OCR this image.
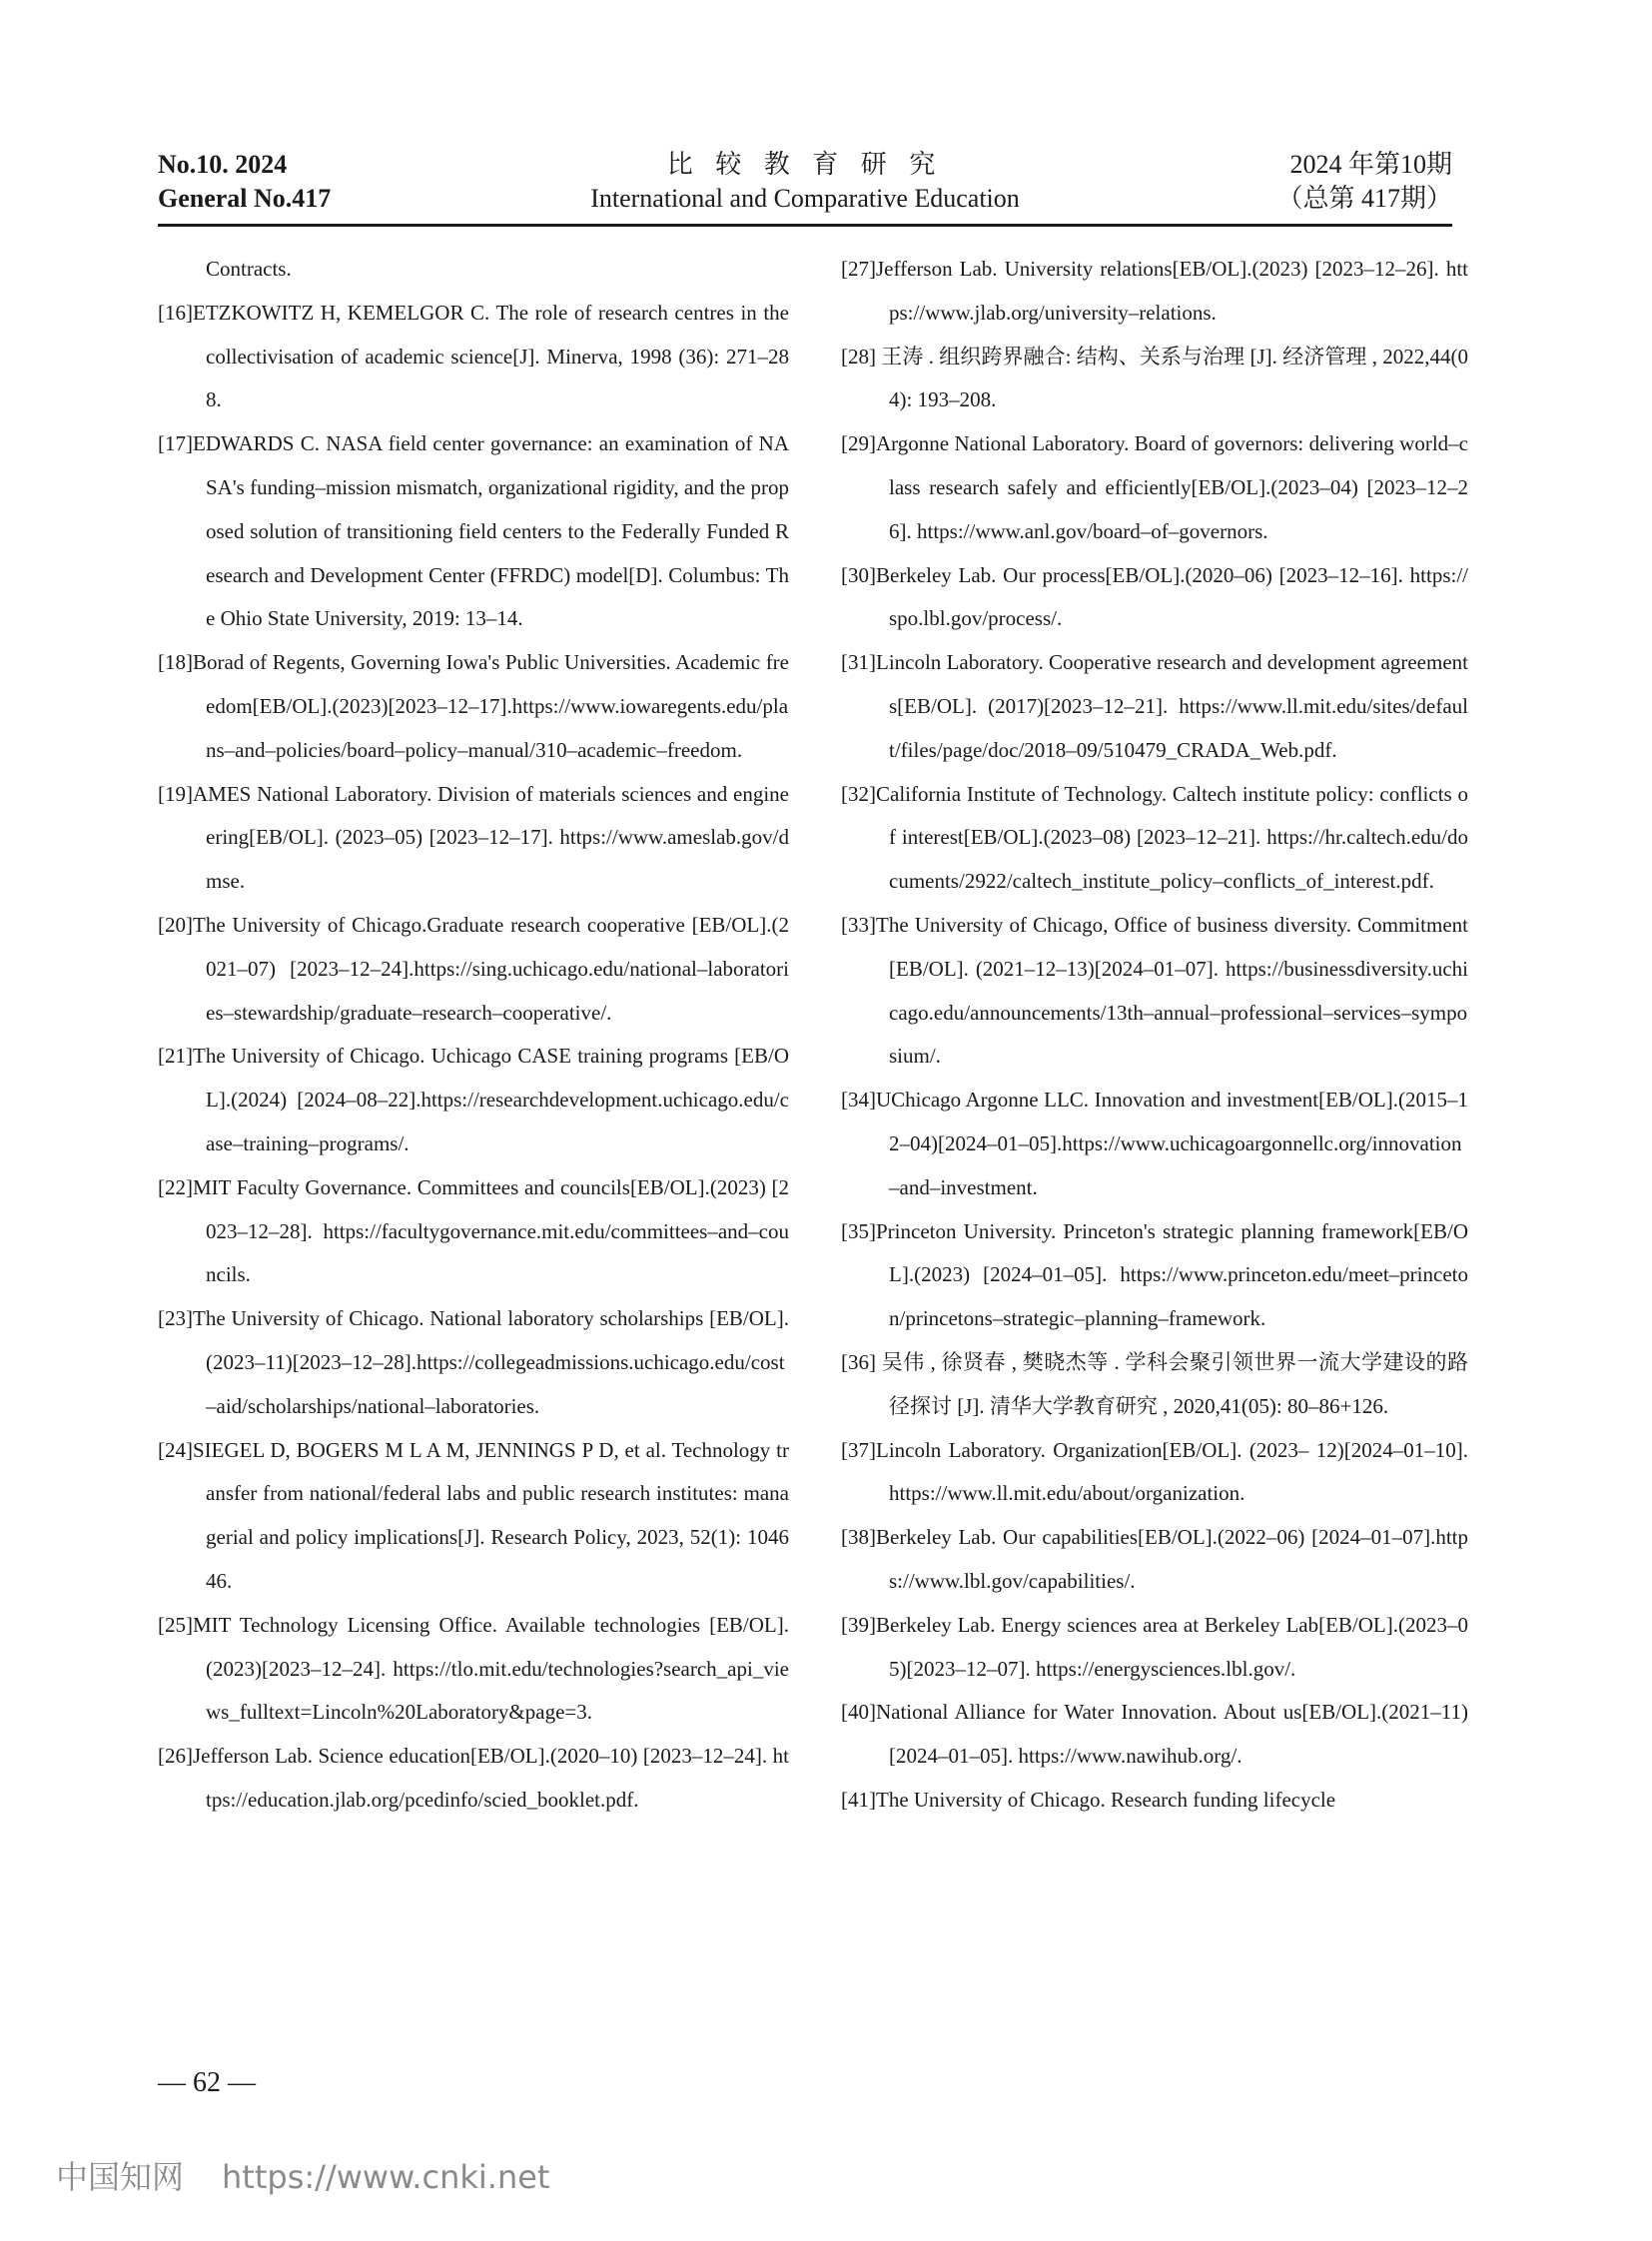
No.10. 2024
General No.417
比 较 教 育 研 究
International and Comparative Education
2024 年第10期
（总第 417期）

Contracts.

[16]ETZKOWITZ H, KEMELGOR C. The role of research centres in the collectivisation of academic science[J]. Minerva, 1998 (36): 271–288.

[17]EDWARDS C. NASA field center governance: an examination of NASA's funding–mission mismatch, organizational rigidity, and the proposed solution of transitioning field centers to the Federally Funded Research and Development Center (FFRDC) model[D]. Columbus: The Ohio State University, 2019: 13–14.

[18]Borad of Regents, Governing Iowa's Public Universities. Academic freedom[EB/OL].(2023)[2023–12–17].https://www.iowaregents.edu/plans–and–policies/board–policy–manual/310–academic–freedom.

[19]AMES National Laboratory. Division of materials sciences and engineering[EB/OL]. (2023–05) [2023–12–17]. https://www.ameslab.gov/dmse.

[20]The University of Chicago.Graduate research cooperative [EB/OL].(2021–07) [2023–12–24].https://sing.uchicago.edu/national–laboratories–stewardship/graduate–research–cooperative/.

[21]The University of Chicago. Uchicago CASE training programs [EB/OL].(2024) [2024–08–22].https://researchdevelopment.uchicago.edu/case–training–programs/.

[22]MIT Faculty Governance. Committees and councils[EB/OL].(2023) [2023–12–28]. https://facultygovernance.mit.edu/committees–and–councils.

[23]The University of Chicago. National laboratory scholarships [EB/OL].(2023–11)[2023–12–28].https://collegeadmissions.uchicago.edu/cost–aid/scholarships/national–laboratories.

[24]SIEGEL D, BOGERS M L A M, JENNINGS P D, et al. Technology transfer from national/federal labs and public research institutes: managerial and policy implications[J]. Research Policy, 2023, 52(1): 104646.

[25]MIT Technology Licensing Office. Available technologies [EB/OL]. (2023)[2023–12–24]. https://tlo.mit.edu/technologies?search_api_views_fulltext=Lincoln%20Laboratory&page=3.

[26]Jefferson Lab. Science education[EB/OL].(2020–10) [2023–12–24]. https://education.jlab.org/pcedinfo/scied_booklet.pdf.

[27]Jefferson Lab. University relations[EB/OL].(2023) [2023–12–26]. https://www.jlab.org/university–relations.

[28] 王涛 . 组织跨界融合: 结构、关系与治理 [J]. 经济管理 , 2022,44(04): 193–208.

[29]Argonne National Laboratory. Board of governors: delivering world–class research safely and efficiently[EB/OL].(2023–04) [2023–12–26]. https://www.anl.gov/board–of–governors.

[30]Berkeley Lab. Our process[EB/OL].(2020–06) [2023–12–16]. https://spo.lbl.gov/process/.

[31]Lincoln Laboratory. Cooperative research and development agreements[EB/OL]. (2017)[2023–12–21]. https://www.ll.mit.edu/sites/default/files/page/doc/2018–09/510479_CRADA_Web.pdf.

[32]California Institute of Technology. Caltech institute policy: conflicts of interest[EB/OL].(2023–08) [2023–12–21]. https://hr.caltech.edu/documents/2922/caltech_institute_policy–conflicts_of_interest.pdf.

[33]The University of Chicago, Office of business diversity. Commitment[EB/OL]. (2021–12–13)[2024–01–07]. https://businessdiversity.uchicago.edu/announcements/13th–annual–professional–services–symposium/.

[34]UChicago Argonne LLC. Innovation and investment[EB/OL].(2015–12–04)[2024–01–05].https://www.uchicagoargonnellc.org/innovation–and–investment.

[35]Princeton University. Princeton's strategic planning framework[EB/OL].(2023) [2024–01–05]. https://www.princeton.edu/meet–princeton/princetons–strategic–planning–framework.

[36] 吴伟 , 徐贤春 , 樊晓杰等 . 学科会聚引领世界一流大学建设的路径探讨 [J]. 清华大学教育研究 , 2020,41(05): 80–86+126.

[37]Lincoln Laboratory. Organization[EB/OL]. (2023– 12)[2024–01–10]. https://www.ll.mit.edu/about/organization.

[38]Berkeley Lab. Our capabilities[EB/OL].(2022–06) [2024–01–07].https://www.lbl.gov/capabilities/.

[39]Berkeley Lab. Energy sciences area at Berkeley Lab[EB/OL].(2023–05)[2023–12–07]. https://energysciences.lbl.gov/.

[40]National Alliance for Water Innovation. About us[EB/OL].(2021–11) [2024–01–05]. https://www.nawihub.org/.

[41]The University of Chicago. Research funding lifecycle

— 62 —
中国知网 https://www.cnki.net
